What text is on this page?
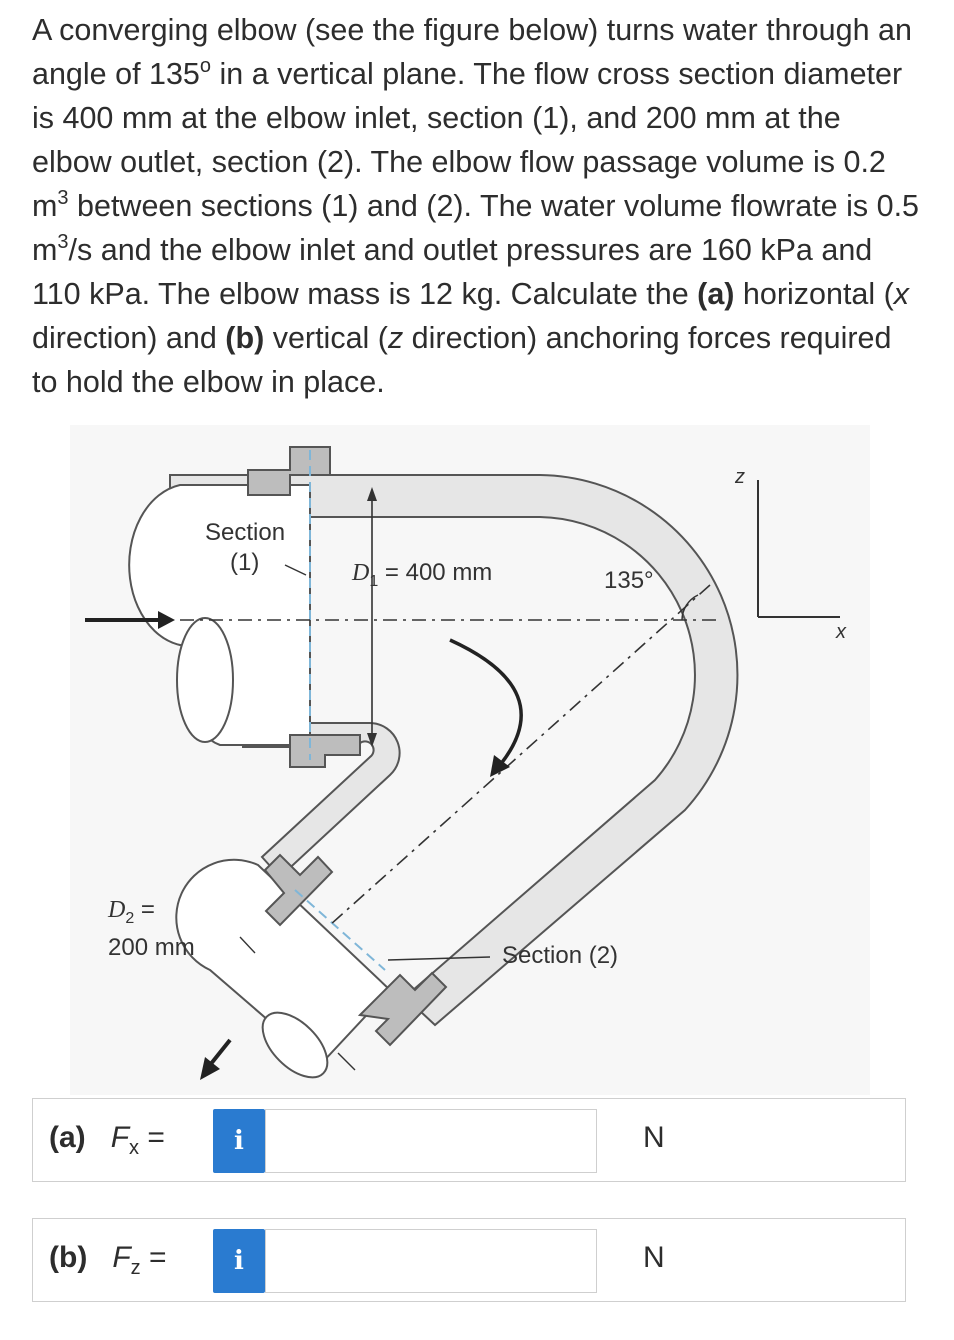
A converging elbow (see the figure below) turns water through an angle of 135$^o$ in a vertical plane. The flow cross section diameter is 400 mm at the elbow inlet, section (1), and 200 mm at the elbow outlet, section (2). The elbow flow passage volume is 0.2 $m^3$ between sections (1) and (2). The water volume flowrate is 0.5 $m^3/s$ and the elbow inlet and outlet pressures are 160 kPa and 110 kPa. The elbow mass is 12 kg. Calculate the (a) horizontal (x direction) and (b) vertical (z direction) anchoring forces required to hold the elbow in place.
Section
(1)	$D_1 = 400$ mm	135°
z
x
$D_2$ =
200 mm	Section (2)
(a) $F_x$ =	i	N
(b) $F_z$ =	i	N
